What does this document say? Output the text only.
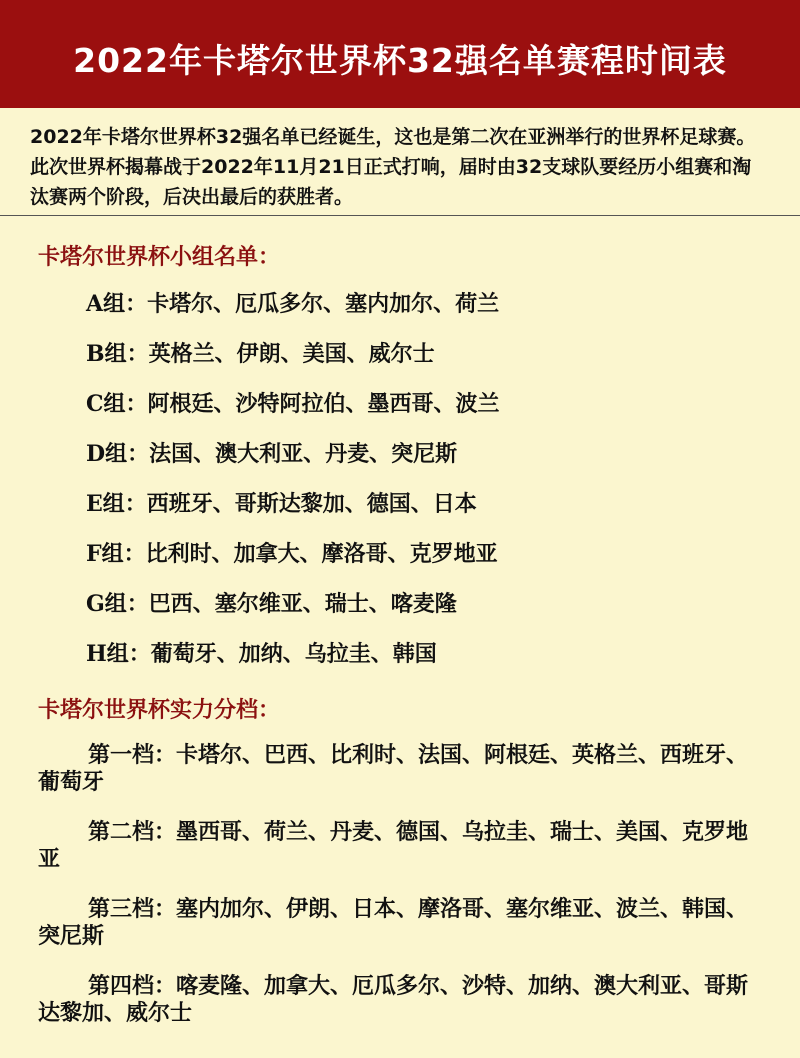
2022年卡塔尔世界杯32强名单赛程时间表
2022年卡塔尔世界杯32强名单已经诞生，这也是第二次在亚洲举行的世界杯足球赛。此次世界杯揭幕战于2022年11月21日正式打响，届时由32支球队要经历小组赛和淘汰赛两个阶段，后决出最后的获胜者。
卡塔尔世界杯小组名单：
A组： 卡塔尔、厄瓜多尔、塞内加尔、荷兰
B组： 英格兰、伊朗、美国、威尔士
C组： 阿根廷、沙特阿拉伯、墨西哥、波兰
D组： 法国、澳大利亚、丹麦、突尼斯
E组： 西班牙、哥斯达黎加、德国、日本
F组： 比利时、加拿大、摩洛哥、克罗地亚
G组： 巴西、塞尔维亚、瑞士、喀麦隆
H组： 葡萄牙、加纳、乌拉圭、韩国
卡塔尔世界杯实力分档：
第一档：卡塔尔、巴西、比利时、法国、阿根廷、英格兰、西班牙、葡萄牙
第二档：墨西哥、荷兰、丹麦、德国、乌拉圭、瑞士、美国、克罗地亚
第三档：塞内加尔、伊朗、日本、摩洛哥、塞尔维亚、波兰、韩国、突尼斯
第四档：喀麦隆、加拿大、厄瓜多尔、沙特、加纳、澳大利亚、哥斯达黎加、威尔士
